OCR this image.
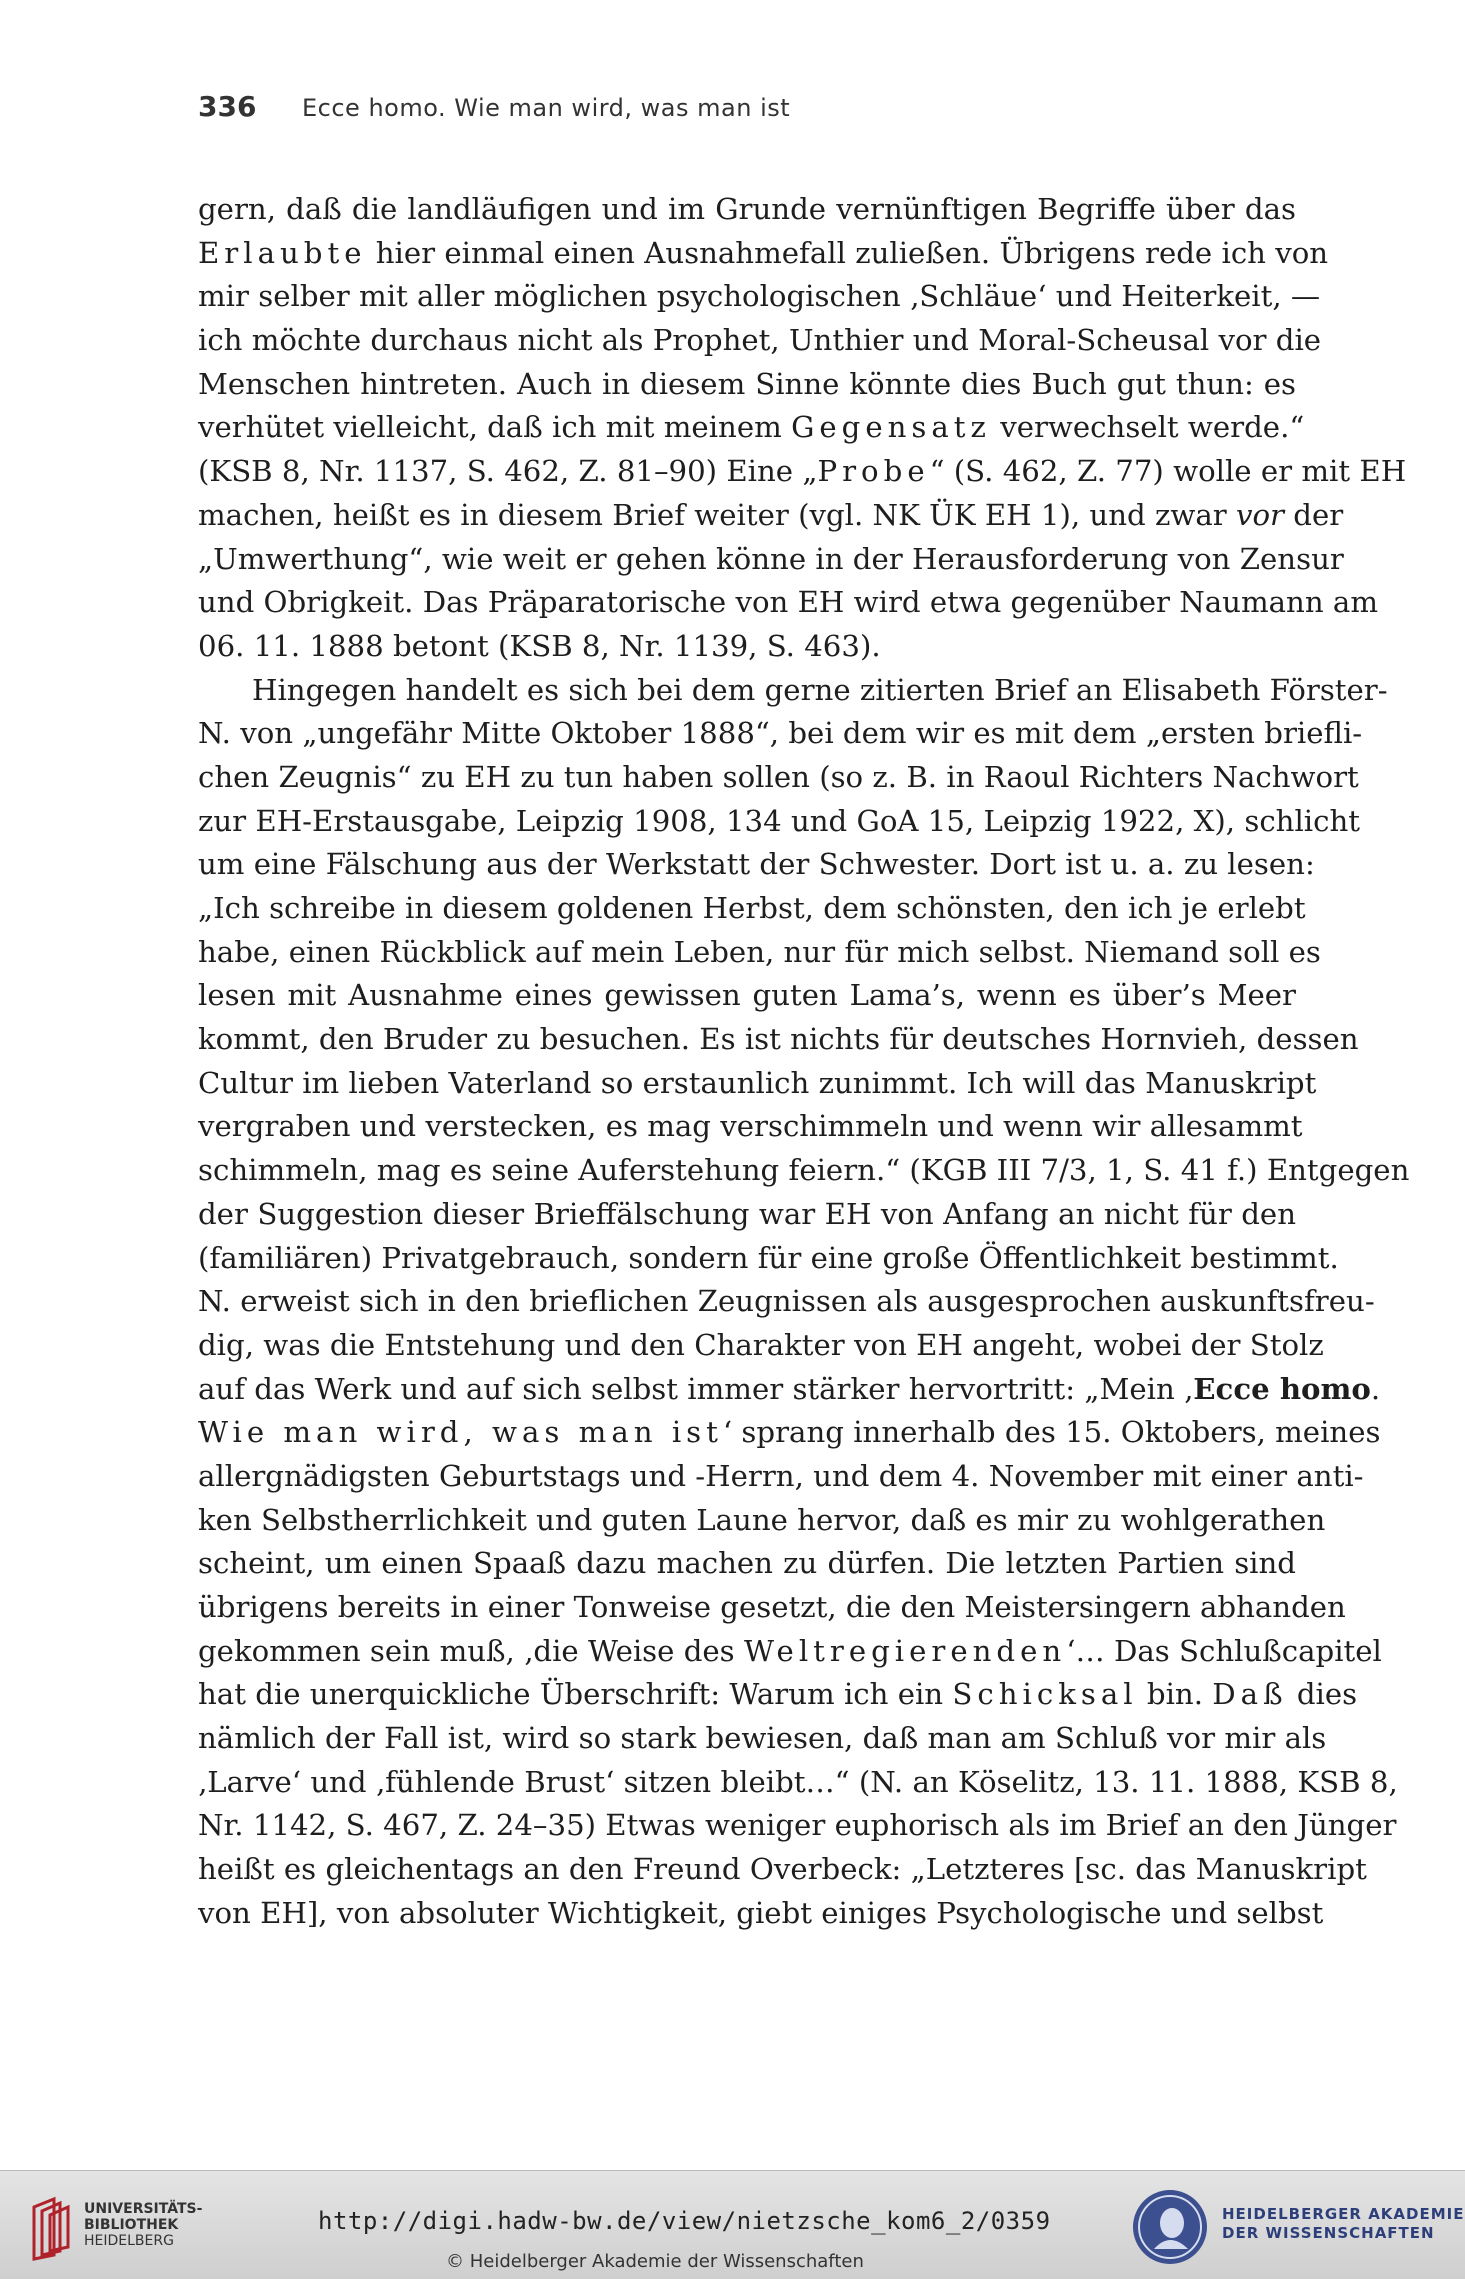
336 Ecce homo. Wie man wird, was man ist
gern, daß die landläufigen und im Grunde vernünftigen Begriffe über das
Erlaubte hier einmal einen Ausnahmefall zuließen. Übrigens rede ich von
mir selber mit aller möglichen psychologischen ‚Schläue‘ und Heiterkeit, —
ich möchte durchaus nicht als Prophet, Unthier und Moral-Scheusal vor die
Menschen hintreten. Auch in diesem Sinne könnte dies Buch gut thun: es
verhütet vielleicht, daß ich mit meinem Gegensatz verwechselt werde.“
(KSB 8, Nr. 1137, S. 462, Z. 81–90) Eine „Probe“ (S. 462, Z. 77) wolle er mit EH
machen, heißt es in diesem Brief weiter (vgl. NK ÜK EH 1), und zwar vor der
„Umwerthung“, wie weit er gehen könne in der Herausforderung von Zensur
und Obrigkeit. Das Präparatorische von EH wird etwa gegenüber Naumann am
06. 11. 1888 betont (KSB 8, Nr. 1139, S. 463).
Hingegen handelt es sich bei dem gerne zitierten Brief an Elisabeth Förster-
N. von „ungefähr Mitte Oktober 1888“, bei dem wir es mit dem „ersten briefli-
chen Zeugnis“ zu EH zu tun haben sollen (so z. B. in Raoul Richters Nachwort
zur EH-Erstausgabe, Leipzig 1908, 134 und GoA 15, Leipzig 1922, X), schlicht
um eine Fälschung aus der Werkstatt der Schwester. Dort ist u. a. zu lesen:
„Ich schreibe in diesem goldenen Herbst, dem schönsten, den ich je erlebt
habe, einen Rückblick auf mein Leben, nur für mich selbst. Niemand soll es
lesen mit Ausnahme eines gewissen guten Lama’s, wenn es über’s Meer
kommt, den Bruder zu besuchen. Es ist nichts für deutsches Hornvieh, dessen
Cultur im lieben Vaterland so erstaunlich zunimmt. Ich will das Manuskript
vergraben und verstecken, es mag verschimmeln und wenn wir allesammt
schimmeln, mag es seine Auferstehung feiern.“ (KGB III 7/3, 1, S. 41 f.) Entgegen
der Suggestion dieser Brieffälschung war EH von Anfang an nicht für den
(familiären) Privatgebrauch, sondern für eine große Öffentlichkeit bestimmt.
N. erweist sich in den brieflichen Zeugnissen als ausgesprochen auskunftsfreu-
dig, was die Entstehung und den Charakter von EH angeht, wobei der Stolz
auf das Werk und auf sich selbst immer stärker hervortritt: „Mein ‚Ecce homo.
Wie man wird, was man ist‘ sprang innerhalb des 15. Oktobers, meines
allergnädigsten Geburtstags und -Herrn, und dem 4. November mit einer anti-
ken Selbstherrlichkeit und guten Laune hervor, daß es mir zu wohlgerathen
scheint, um einen Spaaß dazu machen zu dürfen. Die letzten Partien sind
übrigens bereits in einer Tonweise gesetzt, die den Meistersingern abhanden
gekommen sein muß, ‚die Weise des Weltregierenden‘… Das Schlußcapitel
hat die unerquickliche Überschrift: Warum ich ein Schicksal bin. Daß dies
nämlich der Fall ist, wird so stark bewiesen, daß man am Schluß vor mir als
‚Larve‘ und ‚fühlende Brust‘ sitzen bleibt…“ (N. an Köselitz, 13. 11. 1888, KSB 8,
Nr. 1142, S. 467, Z. 24–35) Etwas weniger euphorisch als im Brief an den Jünger
heißt es gleichentags an den Freund Overbeck: „Letzteres [sc. das Manuskript
von EH], von absoluter Wichtigkeit, giebt einiges Psychologische und selbst
UNIVERSITÄTS-
BIBLIOTHEK
HEIDELBERG
http://digi.hadw-bw.de/view/nietzsche_kom6_2/0359
© Heidelberger Akademie der Wissenschaften
HEIDELBERGER AKADEMIE
DER WISSENSCHAFTEN
